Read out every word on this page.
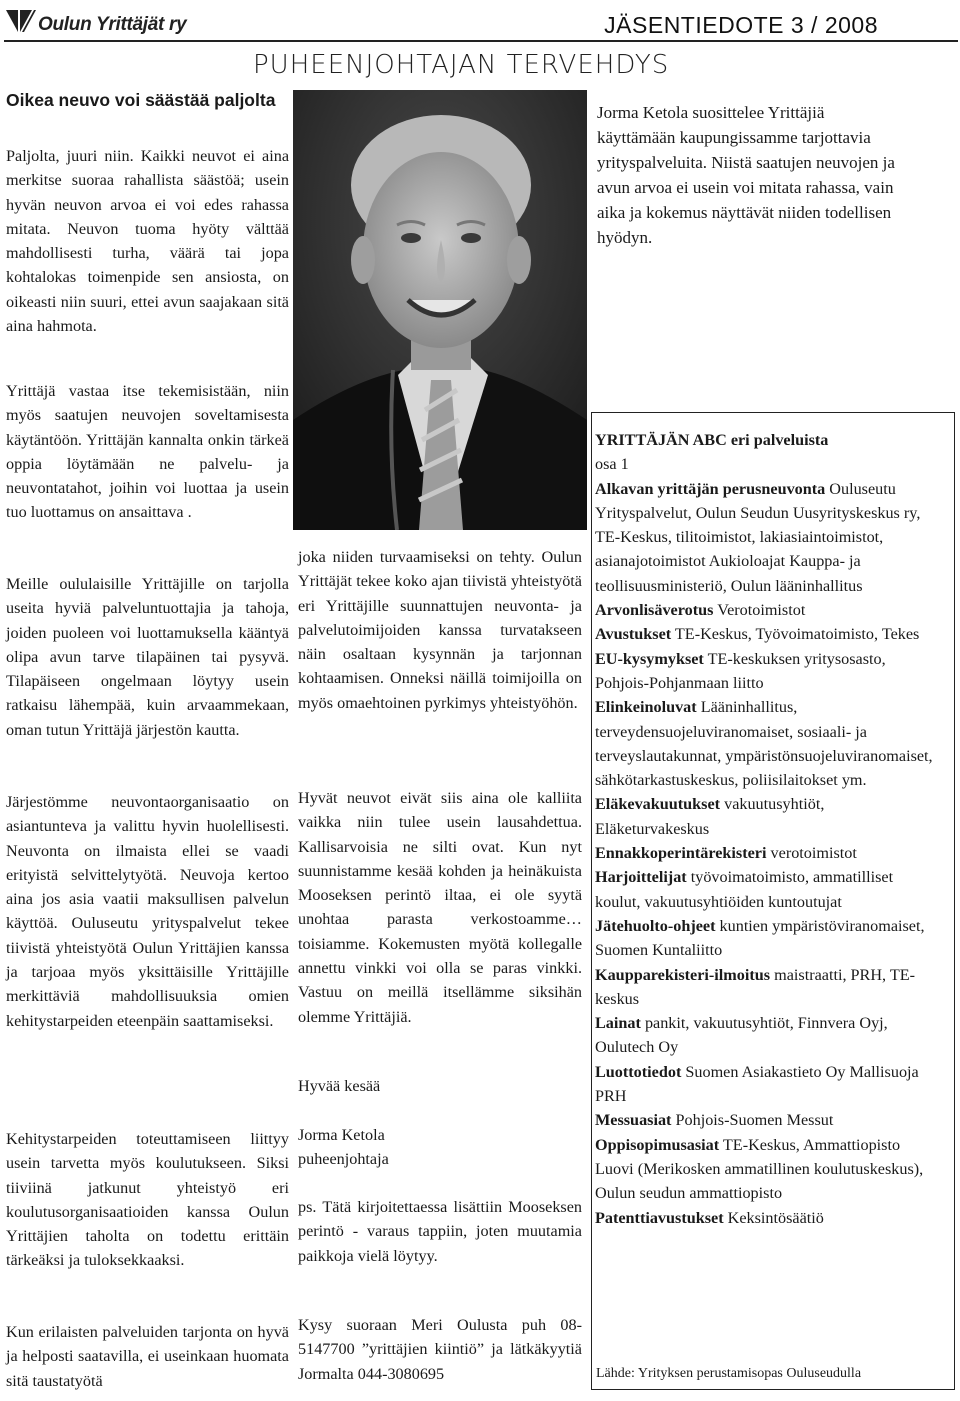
Oulun Yrittäjät ry	JÄSENTIEDOTE 3 / 2008
PUHEENJOHTAJAN TERVEHDYS
Oikea neuvo voi säästää paljolta
Paljolta, juuri niin. Kaikki neuvot ei aina merkitse suoraa rahallista säästöä; usein hyvän neuvon arvoa ei voi edes rahassa mitata. Neuvon tuoma hyöty välttää mahdollisesti turha, väärä tai jopa kohtalokas toimenpide sen ansiosta, on oikeasti niin suuri, ettei avun saajakaan sitä aina hahmota.
Yrittäjä vastaa itse tekemisistään, niin myös saatujen neuvojen soveltamisesta käytäntöön. Yrittäjän kannalta onkin tärkeä oppia löytämään ne palvelu- ja neuvontatahot, joihin voi luottaa ja usein tuo luottamus on ansaittava .
Meille oululaisille Yrittäjille on tarjolla useita hyviä palveluntuottajia ja tahoja, joiden puoleen voi luottamuksella kääntyä olipa avun tarve tilapäinen tai pysyvä. Tilapäiseen ongelmaan löytyy usein ratkaisu lähempää, kuin arvaammekaan, oman tutun Yrittäjä järjestön kautta.
Järjestömme neuvontaorganisaatio on asiantunteva ja valittu hyvin huolellisesti. Neuvonta on ilmaista ellei se vaadi erityistä selvittelytyötä. Neuvoja kertoo aina jos asia vaatii maksullisen palvelun käyttöä. Ouluseutu yrityspalvelut tekee tiivistä yhteistyötä Oulun Yrittäjien kanssa ja tarjoaa myös yksittäisille Yrittäjille merkittäviä mahdollisuuksia omien kehitystarpeiden eteenpäin saattamiseksi.
Kehitystarpeiden toteuttamiseen liittyy usein tarvetta myös koulutukseen. Siksi tiiviinä jatkunut yhteistyö eri koulutusorganisaatioiden kanssa Oulun Yrittäjien taholta on todettu erittäin tärkeäksi ja tuloksekkaaksi.
Kun erilaisten palveluiden tarjonta on hyvä ja helposti saatavilla, ei useinkaan huomata sitä taustatyötä
joka niiden turvaamiseksi on tehty. Oulun Yrittäjät tekee koko ajan tiivistä yhteistyötä eri Yrittäjille suunnattujen neuvonta- ja palvelutoimijoiden kanssa turvatakseen näin osaltaan kysynnän ja tarjonnan kohtaamisen. Onneksi näillä toimijoilla on myös omaehtoinen pyrkimys yhteistyöhön.
Hyvät neuvot eivät siis aina ole kalliita vaikka niin tulee usein lausahdettua. Kallisarvoisia ne silti ovat. Kun nyt suunnistamme kesää kohden ja heinäkuista Mooseksen perintö iltaa, ei ole syytä unohtaa parasta verkostoamme… toisiamme. Kokemusten myötä kollegalle annettu vinkki voi olla se paras vinkki. Vastuu on meillä itsellämme siksihän olemme Yrittäjiä.
Hyvää kesää
Jorma Ketola
puheenjohtaja
ps. Tätä kirjoitettaessa lisättiin Mooseksen perintö - varaus tappiin, joten muutamia paikkoja vielä löytyy.
Kysy suoraan Meri Oulusta puh 08-5147700 ”yrittäjien kiintiö” ja lätkäkyytiä Jormalta 044-3080695
Jorma Ketola suosittelee Yrittäjiä käyttämään kaupungissamme tarjottavia yrityspalveluita. Niistä saatujen neuvojen ja avun arvoa ei usein voi mitata rahassa, vain aika ja kokemus näyttävät niiden todellisen hyödyn.
YRITTÄJÄN ABC eri palveluista
osa 1
Alkavan yrittäjän perusneuvonta Ouluseutu Yrityspalvelut, Oulun Seudun Uusyrityskeskus ry, TE-Keskus, tilitoimistot, lakiasiaintoimistot, asianajotoimistot Aukioloajat Kauppa- ja teollisuusministeriö, Oulun lääninhallitus
Arvonlisäverotus Verotoimistot
Avustukset TE-Keskus, Työvoimatoimisto, Tekes
EU-kysymykset TE-keskuksen yritysosasto, Pohjois-Pohjanmaan liitto
Elinkeinoluvat Lääninhallitus, terveydensuojeluviranomaiset, sosiaali- ja terveyslautakunnat, ympäristönsuojeluviranomaiset, sähkötarkastuskeskus, poliisilaitokset ym.
Eläkevakuutukset vakuutusyhtiöt, Eläketurvakeskus
Ennakkoperintärekisteri verotoimistot
Harjoittelijat työvoimatoimisto, ammatilliset koulut, vakuutusyhtiöiden kuntoutujat
Jätehuolto-ohjeet kuntien ympäristöviranomaiset, Suomen Kuntaliitto
Kaupparekisteri-ilmoitus maistraatti, PRH, TE-keskus
Lainat pankit, vakuutusyhtiöt, Finnvera Oyj, Oulutech Oy
Luottotiedot Suomen Asiakastieto Oy Mallisuoja PRH
Messuasiat Pohjois-Suomen Messut
Oppisopimusasiat TE-Keskus, Ammattiopisto Luovi (Merikosken ammatillinen koulutuskeskus), Oulun seudun ammattiopisto
Patenttiavustukset Keksintösäätiö
Lähde: Yrityksen perustamisopas Ouluseudulla
